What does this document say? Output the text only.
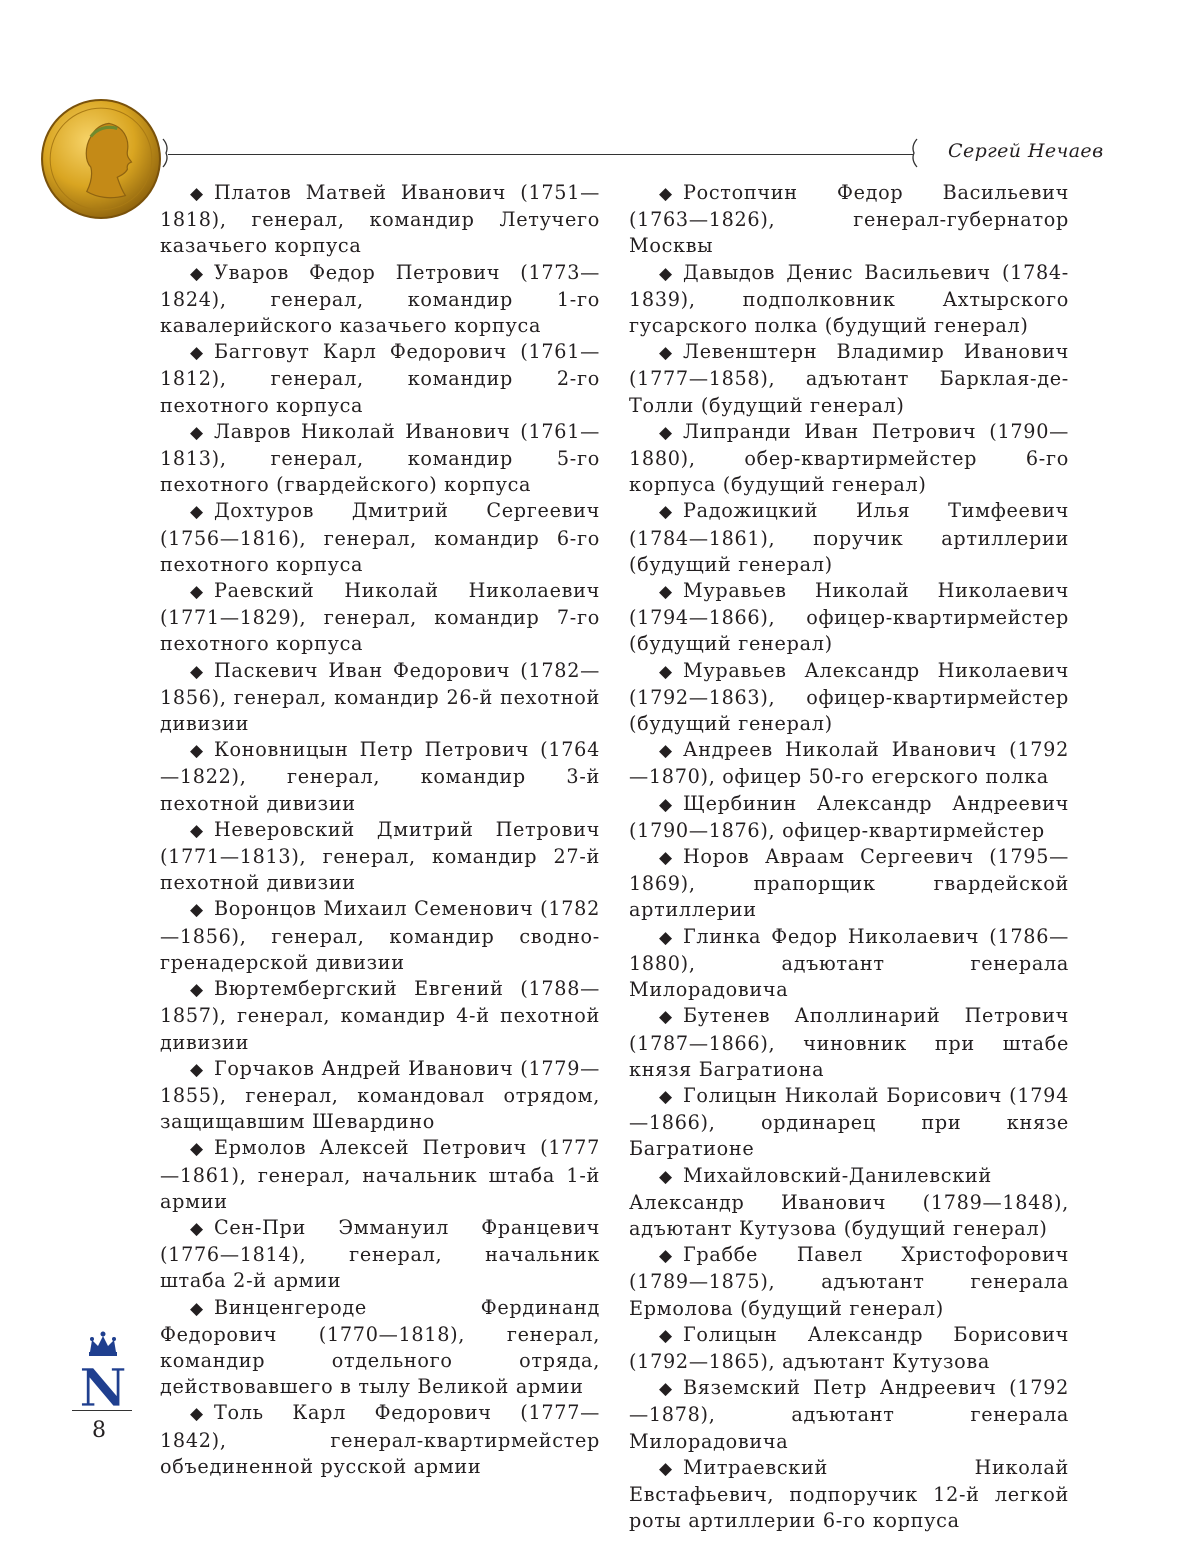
Сергей Нечаев

◆ Платов Матвей Иванович (1751—1818), генерал, командир Летучего казачьего корпуса

◆ Уваров Федор Петрович (1773—1824), генерал, командир 1-го кавалерийского казачьего корпуса

◆ Багговут Карл Федорович (1761—1812), генерал, командир 2-го пехотного корпуса

◆ Лавров Николай Иванович (1761—1813), генерал, командир 5-го пехотного (гвардейского) корпуса

◆ Дохтуров Дмитрий Сергеевич (1756—1816), генерал, командир 6-го пехотного корпуса

◆ Раевский Николай Николаевич (1771—1829), генерал, командир 7-го пехотного корпуса

◆ Паскевич Иван Федорович (1782—1856), генерал, командир 26-й пехотной дивизии

◆ Коновницын Петр Петрович (1764—1822), генерал, командир 3-й пехотной дивизии

◆ Неверовский Дмитрий Петрович (1771—1813), генерал, командир 27-й пехотной дивизии

◆ Воронцов Михаил Семенович (1782—1856), генерал, командир сводно-гренадерской дивизии

◆ Вюртембергский Евгений (1788—1857), генерал, командир 4-й пехотной дивизии

◆ Горчаков Андрей Иванович (1779—1855), генерал, командовал отрядом, защищавшим Шевардино

◆ Ермолов Алексей Петрович (1777—1861), генерал, начальник штаба 1-й армии

◆ Сен-При Эммануил Францевич (1776—1814), генерал, начальник штаба 2-й армии

◆ Винценгероде Фердинанд Федорович (1770—1818), генерал, командир отдельного отряда, действовавшего в тылу Великой армии

◆ Толь Карл Федорович (1777—1842), генерал-квартирмейстер объединенной русской армии

◆ Ростопчин Федор Васильевич (1763—1826), генерал-губернатор Москвы

◆ Давыдов Денис Васильевич (1784-1839), подполковник Ахтырского гусарского полка (будущий генерал)

◆ Левенштерн Владимир Иванович (1777—1858), адъютант Барклая-де-Толли (будущий генерал)

◆ Липранди Иван Петрович (1790—1880), обер-квартирмейстер 6-го корпуса (будущий генерал)

◆ Радожицкий Илья Тимфеевич (1784—1861), поручик артиллерии (будущий генерал)

◆ Муравьев Николай Николаевич (1794—1866), офицер-квартирмейстер (будущий генерал)

◆ Муравьев Александр Николаевич (1792—1863), офицер-квартирмейстер (будущий генерал)

◆ Андреев Николай Иванович (1792—1870), офицер 50-го егерского полка

◆ Щербинин Александр Андреевич (1790—1876), офицер-квартирмейстер

◆ Норов Авраам Сергеевич (1795—1869), прапорщик гвардейской артиллерии

◆ Глинка Федор Николаевич (1786—1880), адъютант генерала Милорадовича

◆ Бутенев Аполлинарий Петрович (1787—1866), чиновник при штабе князя Багратиона

◆ Голицын Николай Борисович (1794—1866), ординарец при князе Багратионе

◆ Михайловский-Данилевский Александр Иванович (1789—1848), адъютант Кутузова (будущий генерал)

◆ Граббе Павел Христофорович (1789—1875), адъютант генерала Ермолова (будущий генерал)

◆ Голицын Александр Борисович (1792—1865), адъютант Кутузова

◆ Вяземский Петр Андреевич (1792—1878), адъютант генерала Милорадовича

◆ Митраевский Николай Евстафьевич, подпоручик 12-й легкой роты артиллерии 6-го корпуса

N
8
